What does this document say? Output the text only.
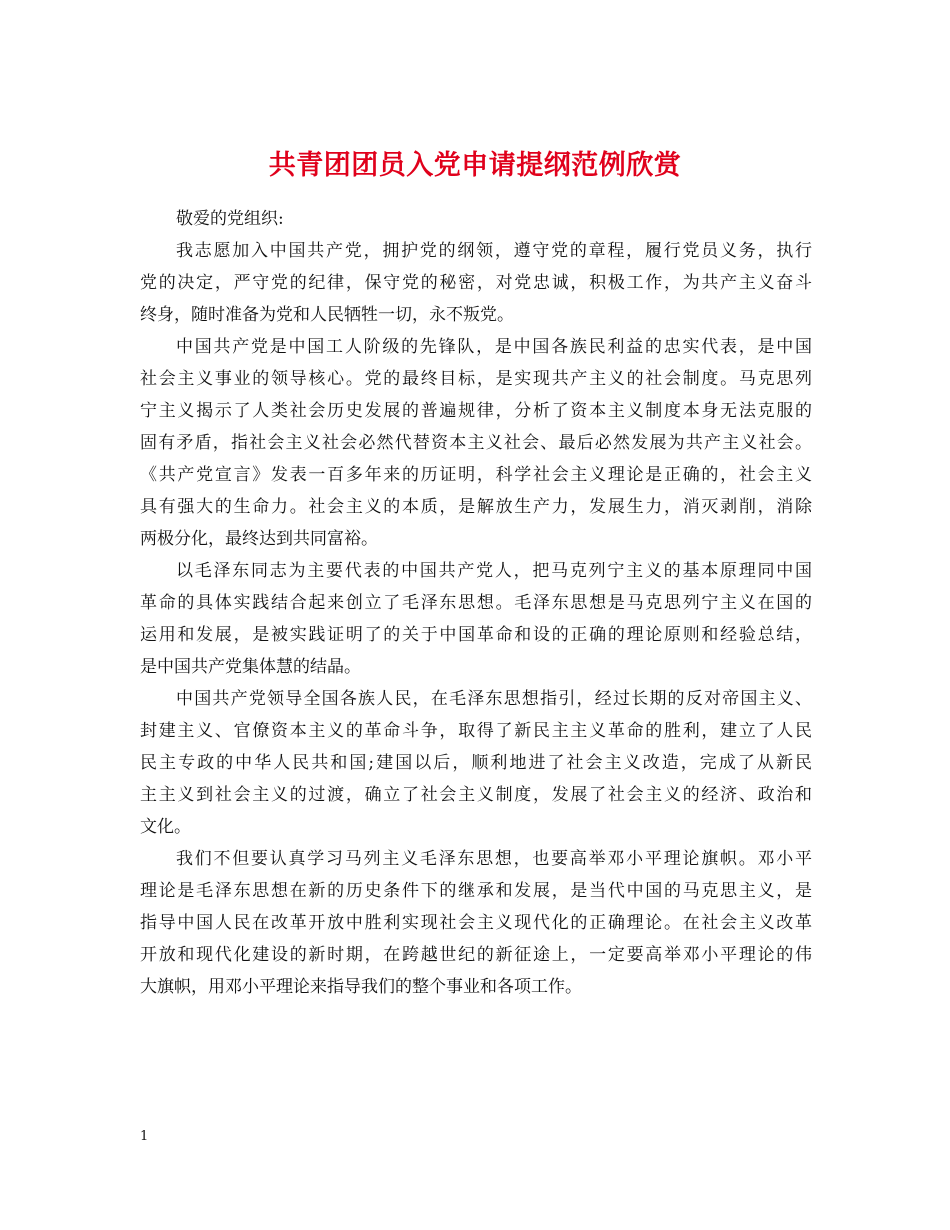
共青团团员入党申请提纲范例欣赏

敬爱的党组织:

我志愿加入中国共产党，拥护党的纲领，遵守党的章程，履行党员义务，执行
党的决定，严守党的纪律，保守党的秘密，对党忠诚，积极工作，为共产主义奋斗
终身，随时准备为党和人民牺牲一切，永不叛党。

中国共产党是中国工人阶级的先锋队，是中国各族民利益的忠实代表，是中国
社会主义事业的领导核心。党的最终目标，是实现共产主义的社会制度。马克思列
宁主义揭示了人类社会历史发展的普遍规律，分析了资本主义制度本身无法克服的
固有矛盾，指社会主义社会必然代替资本主义社会、最后必然发展为共产主义社会。
《共产党宣言》发表一百多年来的历证明，科学社会主义理论是正确的，社会主义
具有强大的生命力。社会主义的本质，是解放生产力，发展生力，消灭剥削，消除
两极分化，最终达到共同富裕。

以毛泽东同志为主要代表的中国共产党人，把马克列宁主义的基本原理同中国
革命的具体实践结合起来创立了毛泽东思想。毛泽东思想是马克思列宁主义在国的
运用和发展，是被实践证明了的关于中国革命和设的正确的理论原则和经验总结，
是中国共产党集体慧的结晶。

中国共产党领导全国各族人民，在毛泽东思想指引，经过长期的反对帝国主义、
封建主义、官僚资本主义的革命斗争，取得了新民主主义革命的胜利，建立了人民
民主专政的中华人民共和国;建国以后，顺利地进了社会主义改造，完成了从新民
主主义到社会主义的过渡，确立了社会主义制度，发展了社会主义的经济、政治和
文化。

我们不但要认真学习马列主义毛泽东思想，也要高举邓小平理论旗帜。邓小平
理论是毛泽东思想在新的历史条件下的继承和发展，是当代中国的马克思主义，是
指导中国人民在改革开放中胜利实现社会主义现代化的正确理论。在社会主义改革
开放和现代化建设的新时期，在跨越世纪的新征途上，一定要高举邓小平理论的伟
大旗帜，用邓小平理论来指导我们的整个事业和各项工作。

1
